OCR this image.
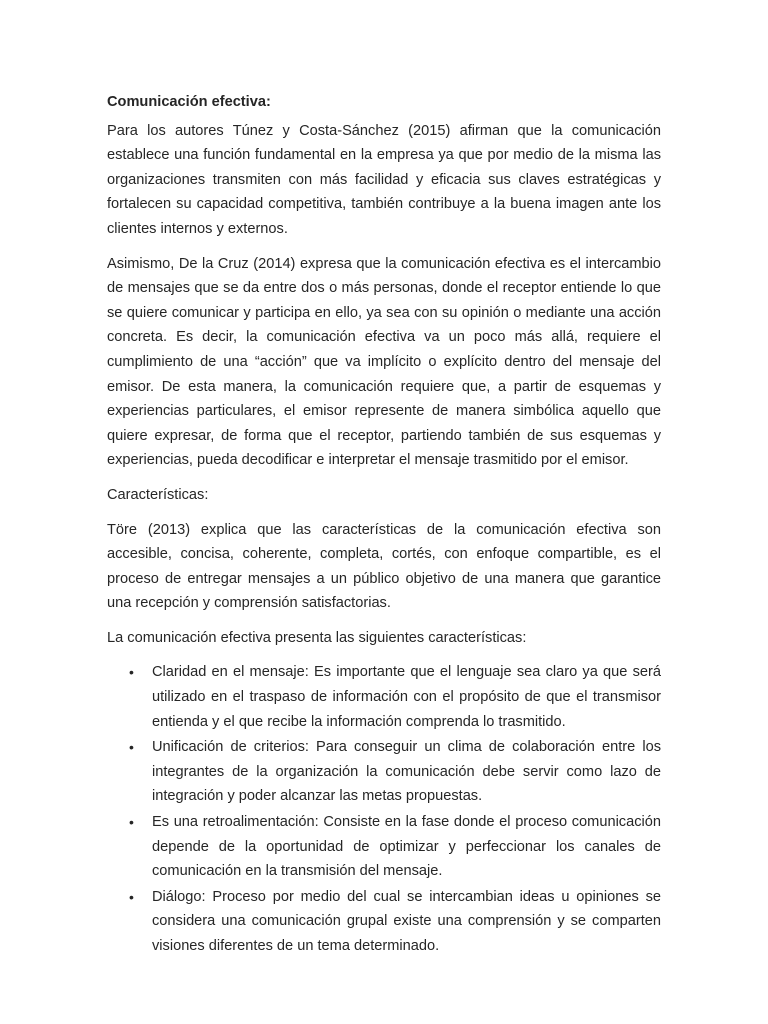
Comunicación efectiva:

Para los autores Túnez y Costa-Sánchez (2015) afirman que la comunicación establece una función fundamental en la empresa ya que por medio de la misma las organizaciones transmiten con más facilidad y eficacia sus claves estratégicas y fortalecen su capacidad competitiva, también contribuye a la buena imagen ante los clientes internos y externos.

Asimismo, De la Cruz (2014) expresa que la comunicación efectiva es el intercambio de mensajes que se da entre dos o más personas, donde el receptor entiende lo que se quiere comunicar y participa en ello, ya sea con su opinión o mediante una acción concreta. Es decir, la comunicación efectiva va un poco más allá, requiere el cumplimiento de una “acción” que va implícito o explícito dentro del mensaje del emisor. De esta manera, la comunicación requiere que, a partir de esquemas y experiencias particulares, el emisor represente de manera simbólica aquello que quiere expresar, de forma que el receptor, partiendo también de sus esquemas y experiencias, pueda decodificar e interpretar el mensaje trasmitido por el emisor.

Características:

Töre (2013) explica que las características de la comunicación efectiva son accesible, concisa, coherente, completa, cortés, con enfoque compartible, es el proceso de entregar mensajes a un público objetivo de una manera que garantice una recepción y comprensión satisfactorias.

La comunicación efectiva presenta las siguientes características:

• Claridad en el mensaje: Es importante que el lenguaje sea claro ya que será utilizado en el traspaso de información con el propósito de que el transmisor entienda y el que recibe la información comprenda lo trasmitido.
• Unificación de criterios: Para conseguir un clima de colaboración entre los integrantes de la organización la comunicación debe servir como lazo de integración y poder alcanzar las metas propuestas.
• Es una retroalimentación: Consiste en la fase donde el proceso comunicación depende de la oportunidad de optimizar y perfeccionar los canales de comunicación en la transmisión del mensaje.
• Diálogo: Proceso por medio del cual se intercambian ideas u opiniones se considera una comunicación grupal existe una comprensión y se comparten visiones diferentes de un tema determinado.
